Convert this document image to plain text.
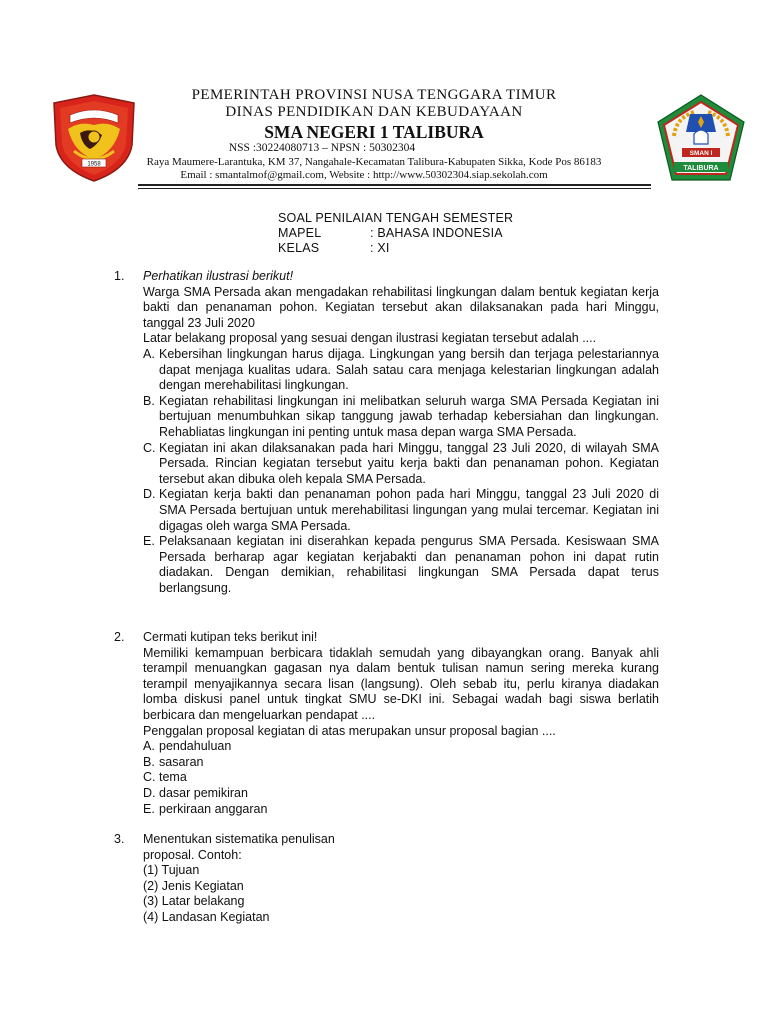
1958
SMAN I
TALIBURA
PEMERINTAH PROVINSI NUSA TENGGARA TIMUR
DINAS PENDIDIKAN DAN KEBUDAYAAN
SMA NEGERI 1 TALIBURA
NSS :30224080713 – NPSN : 50302304
Raya Maumere-Larantuka, KM 37, Nangahale-Kecamatan Talibura-Kabupaten Sikka, Kode Pos 86183
Email : smantalmof@gmail.com, Website : http://www.50302304.siap.sekolah.com
SOAL PENILAIAN TENGAH SEMESTER
MAPEL	: BAHASA INDONESIA
KELAS	: XI
1. Perhatikan ilustrasi berikut!

Warga SMA Persada akan mengadakan rehabilitasi lingkungan dalam bentuk kegiatan kerja bakti dan penanaman pohon. Kegiatan tersebut akan dilaksanakan pada hari Minggu, tanggal 23 Juli 2020

Latar belakang proposal yang sesuai dengan ilustrasi kegiatan tersebut adalah ....

A. Kebersihan lingkungan harus dijaga. Lingkungan yang bersih dan terjaga pelestariannya dapat menjaga kualitas udara. Salah satau cara menjaga kelestarian lingkungan adalah dengan merehabilitasi lingkungan.
B. Kegiatan rehabilitasi lingkungan ini melibatkan seluruh warga SMA Persada Kegiatan ini bertujuan menumbuhkan sikap tanggung jawab terhadap kebersiahan dan lingkungan. Rehabliatas lingkungan ini penting untuk masa depan warga SMA Persada.
C. Kegiatan ini akan dilaksanakan pada hari Minggu, tanggal 23 Juli 2020, di wilayah SMA Persada. Rincian kegiatan tersebut yaitu kerja bakti dan penanaman pohon. Kegiatan tersebut akan dibuka oleh kepala SMA Persada.
D. Kegiatan kerja bakti dan penanaman pohon pada hari Minggu, tanggal 23 Juli 2020 di SMA Persada bertujuan untuk merehabilitasi lingungan yang mulai tercemar. Kegiatan ini digagas oleh warga SMA Persada.
E. Pelaksanaan kegiatan ini diserahkan kepada pengurus SMA Persada. Kesiswaan SMA Persada berharap agar kegiatan kerjabakti dan penanaman pohon ini dapat rutin diadakan. Dengan demikian, rehabilitasi lingkungan SMA Persada dapat terus berlangsung.
2. Cermati kutipan teks berikut ini!

Memiliki kemampuan berbicara tidaklah semudah yang dibayangkan orang. Banyak ahli terampil menuangkan gagasan nya dalam bentuk tulisan namun sering mereka kurang terampil menyajikannya secara lisan (langsung). Oleh sebab itu, perlu kiranya diadakan lomba diskusi panel untuk tingkat SMU se-DKI ini. Sebagai wadah bagi siswa berlatih berbicara dan mengeluarkan pendapat ....

Penggalan proposal kegiatan di atas merupakan unsur proposal bagian ....

A. pendahuluan
B. sasaran
C. tema
D. dasar pemikiran
E. perkiraan anggaran
3. Menentukan sistematika penulisan

proposal. Contoh:

(1) Tujuan

(2) Jenis Kegiatan

(3) Latar belakang

(4) Landasan Kegiatan
